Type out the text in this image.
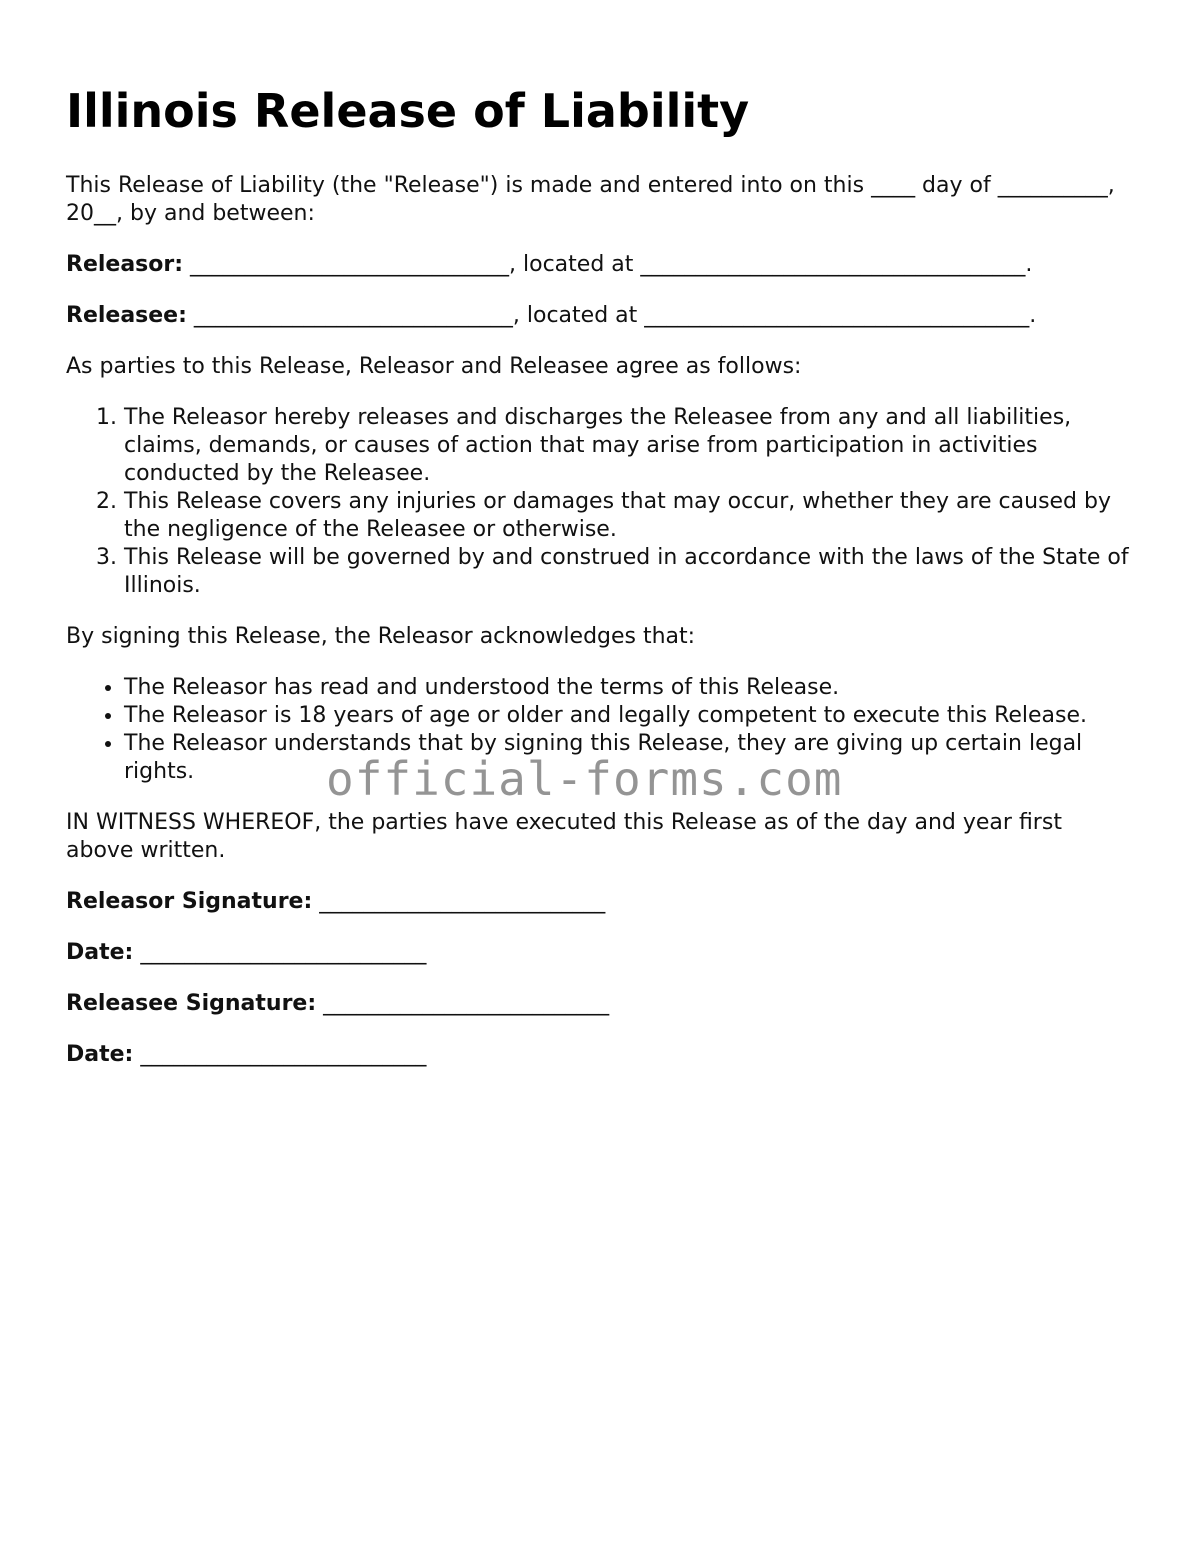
Illinois Release of Liability

This Release of Liability (the "Release") is made and entered into on this ____ day of __________, 20__, by and between:

Releasor: _____________________________, located at ___________________________________.

Releasee: _____________________________, located at ___________________________________.

As parties to this Release, Releasor and Releasee agree as follows:

1. The Releasor hereby releases and discharges the Releasee from any and all liabilities, claims, demands, or causes of action that may arise from participation in activities conducted by the Releasee.
2. This Release covers any injuries or damages that may occur, whether they are caused by the negligence of the Releasee or otherwise.
3. This Release will be governed by and construed in accordance with the laws of the State of Illinois.

By signing this Release, the Releasor acknowledges that:

• The Releasor has read and understood the terms of this Release.
• The Releasor is 18 years of age or older and legally competent to execute this Release.
• The Releasor understands that by signing this Release, they are giving up certain legal rights.

IN WITNESS WHEREOF, the parties have executed this Release as of the day and year first above written.

Releasor Signature: __________________________

Date: __________________________

Releasee Signature: __________________________

Date: __________________________

official-forms.com
